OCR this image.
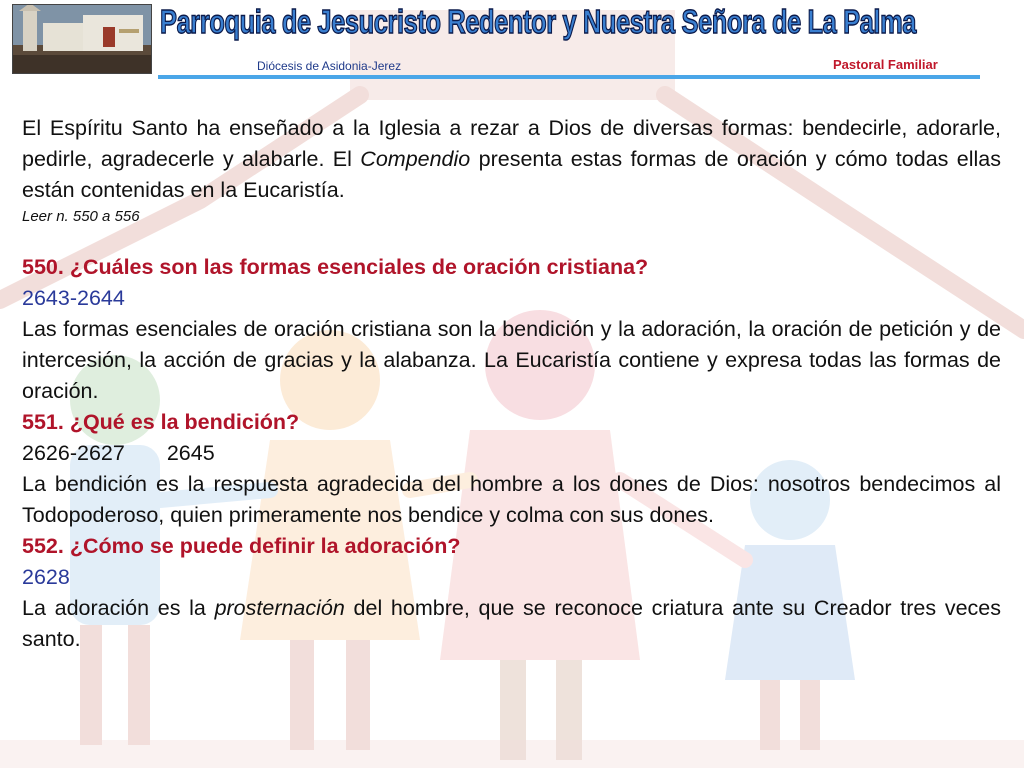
Parroquia de Jesucristo Redentor y Nuestra Señora de La Palma
Diócesis de Asidonia-Jerez	Pastoral Familiar

El Espíritu Santo ha enseñado a la Iglesia a rezar a Dios de diversas formas: bendecirle, adorarle, pedirle, agradecerle y alabarle. El Compendio presenta estas formas de oración y cómo todas ellas están contenidas en la Eucaristía.

Leer n. 550 a 556

550. ¿Cuáles son las formas esenciales de oración cristiana?

2643-2644

Las formas esenciales de oración cristiana son la bendición y la adoración, la oración de petición y de intercesión, la acción de gracias y la alabanza. La Eucaristía contiene y expresa todas las formas de oración.

551. ¿Qué es la bendición?

2626-2627 2645

La bendición es la respuesta agradecida del hombre a los dones de Dios: nosotros bendecimos al Todopoderoso, quien primeramente nos bendice y colma con sus dones.

552. ¿Cómo se puede definir la adoración?

2628

La adoración es la prosternación del hombre, que se reconoce criatura ante su Creador tres veces santo.
